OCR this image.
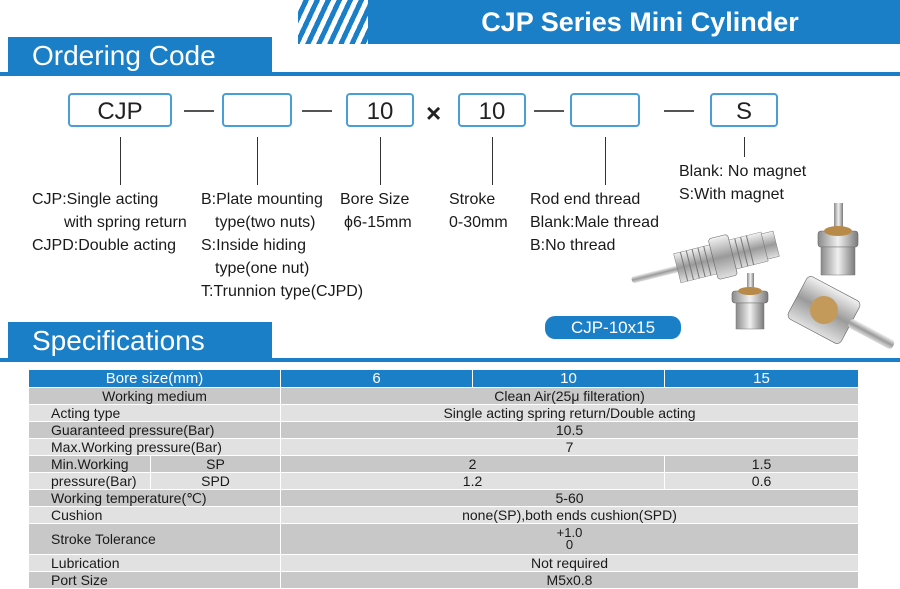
CJP Series Mini Cylinder
Ordering Code
CJP	10	×	10	S
CJP:Single acting
with spring return
CJPD:Double acting
B:Plate mounting
type(two nuts)
S:Inside hiding
type(one nut)
T:Trunnion type(CJPD)
Bore Size
ϕ6-15mm
Stroke
0-30mm
Rod end thread
Blank:Male thread
B:No thread
Blank: No magnet
S:With magnet
CJP-10x15
Specifications
Bore size(mm)		6	10	15
Working medium		Clean Air(25μ filteration)		
Acting type		Single acting spring return/Double acting		
Guaranteed pressure(Bar)		10.5		
Max.Working pressure(Bar)		7		
Min.Working	SP	2		1.5
pressure(Bar)	SPD	1.2		0.6
Working temperature(℃)		5-60		
Cushion		none(SP),both ends cushion(SPD)		
Stroke Tolerance		+1.0
0		

Lubrication		Not required		
Port Size		M5x0.8		
